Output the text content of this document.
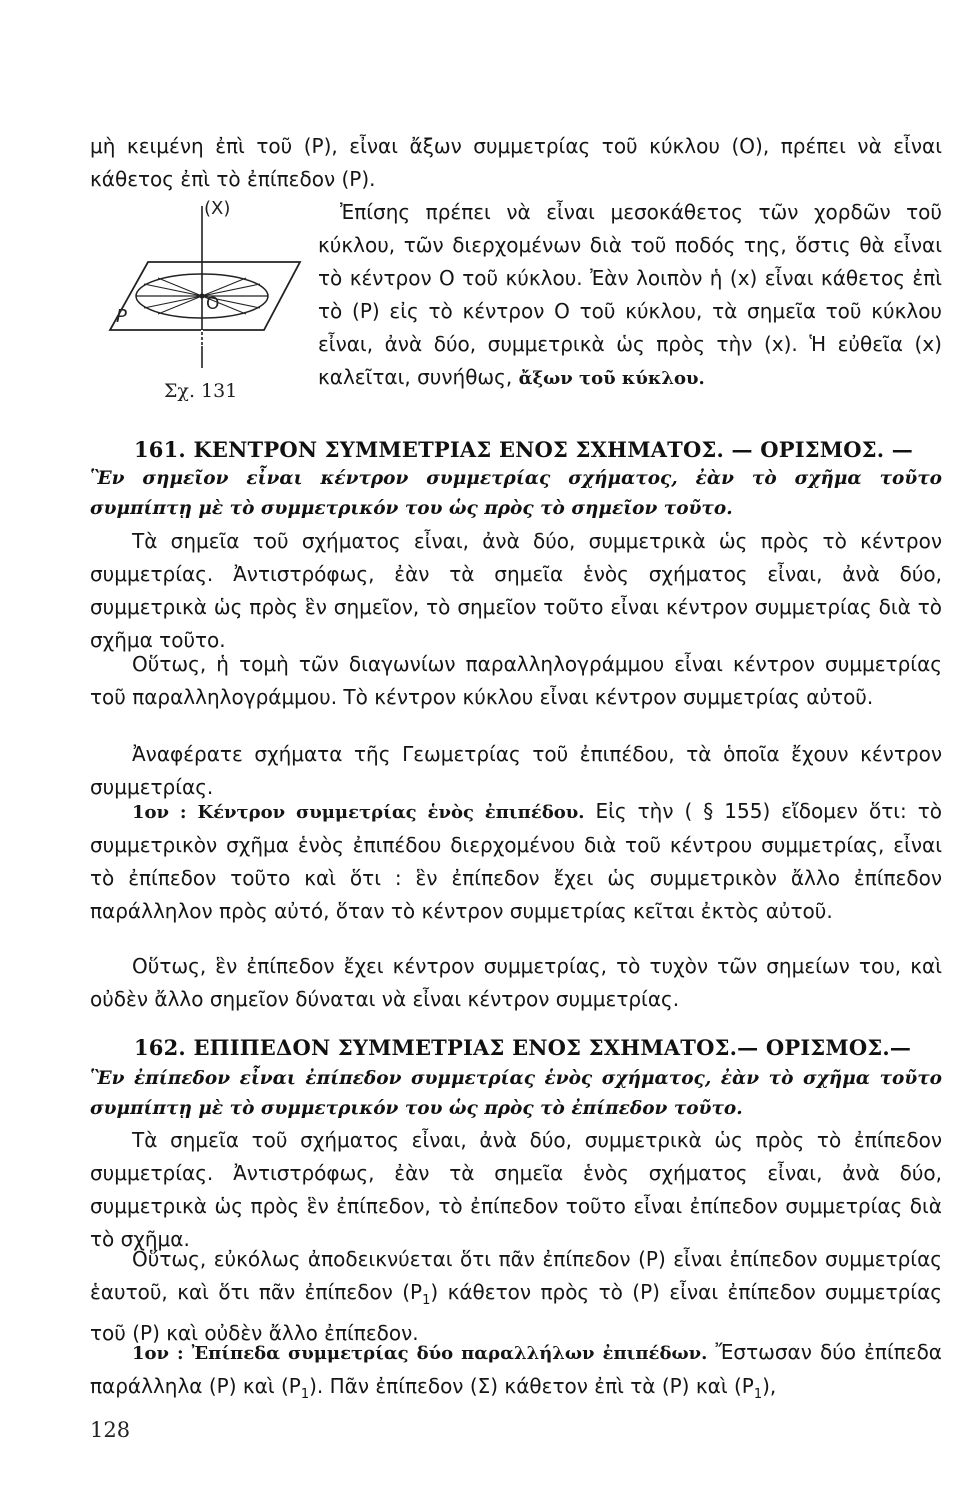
μὴ κειμένη ἐπὶ τοῦ (Ρ), εἶναι ἄξων συμμετρίας τοῦ κύκλου (Ο), πρέπει νὰ εἶναι κάθετος ἐπὶ τὸ ἐπίπεδον (Ρ).

(Χ)
Ο
Ρ
Σχ. 131

Ἐπίσης πρέπει νὰ εἶναι μεσοκάθετος τῶν χορδῶν τοῦ κύκλου, τῶν διερχομένων διὰ τοῦ ποδός της, ὅστις θὰ εἶναι τὸ κέντρον Ο τοῦ κύκλου. Ἐὰν λοιπὸν ἡ (x) εἶναι κάθετος ἐπὶ τὸ (Ρ) εἰς τὸ κέντρον Ο τοῦ κύκλου, τὰ σημεῖα τοῦ κύκλου εἶναι, ἀνὰ δύο, συμμετρικὰ ὡς πρὸς τὴν (x). Ἡ εὐθεῖα (x) καλεῖται, συνήθως, ἄξων τοῦ κύκλου.

161. ΚΕΝΤΡΟΝ ΣΥΜΜΕΤΡΙΑΣ ΕΝΟΣ ΣΧΗΜΑΤΟΣ. — ΟΡΙΣΜΟΣ. —

Ἓν σημεῖον εἶναι κέντρον συμμετρίας σχήματος, ἐὰν τὸ σχῆμα τοῦτο συμπίπτῃ μὲ τὸ συμμετρικόν του ὡς πρὸς τὸ σημεῖον τοῦτο.

Τὰ σημεῖα τοῦ σχήματος εἶναι, ἀνὰ δύο, συμμετρικὰ ὡς πρὸς τὸ κέντρον συμμετρίας. Ἀντιστρόφως, ἐὰν τὰ σημεῖα ἑνὸς σχήματος εἶναι, ἀνὰ δύο, συμμετρικὰ ὡς πρὸς ἓν σημεῖον, τὸ σημεῖον τοῦτο εἶναι κέντρον συμμετρίας διὰ τὸ σχῆμα τοῦτο.

Οὕτως, ἡ τομὴ τῶν διαγωνίων παραλληλογράμμου εἶναι κέντρον συμμετρίας τοῦ παραλληλογράμμου. Τὸ κέντρον κύκλου εἶναι κέντρον συμμετρίας αὐτοῦ.

Ἀναφέρατε σχήματα τῆς Γεωμετρίας τοῦ ἐπιπέδου, τὰ ὁποῖα ἔχουν κέντρον συμμετρίας.

1ον : Κέντρον συμμετρίας ἑνὸς ἐπιπέδου. Εἰς τὴν ( § 155) εἴδομεν ὅτι: τὸ συμμετρικὸν σχῆμα ἑνὸς ἐπιπέδου διερχομένου διὰ τοῦ κέντρου συμμετρίας, εἶναι τὸ ἐπίπεδον τοῦτο καὶ ὅτι : ἓν ἐπίπεδον ἔχει ὡς συμμετρικὸν ἄλλο ἐπίπεδον παράλληλον πρὸς αὐτό, ὅταν τὸ κέντρον συμμετρίας κεῖται ἐκτὸς αὐτοῦ.

Οὕτως, ἓν ἐπίπεδον ἔχει κέντρον συμμετρίας, τὸ τυχὸν τῶν σημείων του, καὶ οὐδὲν ἄλλο σημεῖον δύναται νὰ εἶναι κέντρον συμμετρίας.

162. ΕΠΙΠΕΔΟΝ ΣΥΜΜΕΤΡΙΑΣ ΕΝΟΣ ΣΧΗΜΑΤΟΣ.— ΟΡΙΣΜΟΣ.—

Ἓν ἐπίπεδον εἶναι ἐπίπεδον συμμετρίας ἑνὸς σχήματος, ἐὰν τὸ σχῆμα τοῦτο συμπίπτῃ μὲ τὸ συμμετρικόν του ὡς πρὸς τὸ ἐπίπεδον τοῦτο.

Τὰ σημεῖα τοῦ σχήματος εἶναι, ἀνὰ δύο, συμμετρικὰ ὡς πρὸς τὸ ἐπίπεδον συμμετρίας. Ἀντιστρόφως, ἐὰν τὰ σημεῖα ἑνὸς σχήματος εἶναι, ἀνὰ δύο, συμμετρικὰ ὡς πρὸς ἓν ἐπίπεδον, τὸ ἐπίπεδον τοῦτο εἶναι ἐπίπεδον συμμετρίας διὰ τὸ σχῆμα.

Οὕτως, εὐκόλως ἀποδεικνύεται ὅτι πᾶν ἐπίπεδον (Ρ) εἶναι ἐπίπεδον συμμετρίας ἑαυτοῦ, καὶ ὅτι πᾶν ἐπίπεδον $(P_1)$ κάθετον πρὸς τὸ (Ρ) εἶναι ἐπίπεδον συμμετρίας τοῦ (Ρ) καὶ οὐδὲν ἄλλο ἐπίπεδον.

1ον : Ἐπίπεδα συμμετρίας δύο παραλλήλων ἐπιπέδων. Ἔστωσαν δύο ἐπίπεδα παράλληλα (Ρ) καὶ $(P_1)$. Πᾶν ἐπίπεδον (Σ) κάθετον ἐπὶ τὰ (Ρ) καὶ $(P_1)$,

128
